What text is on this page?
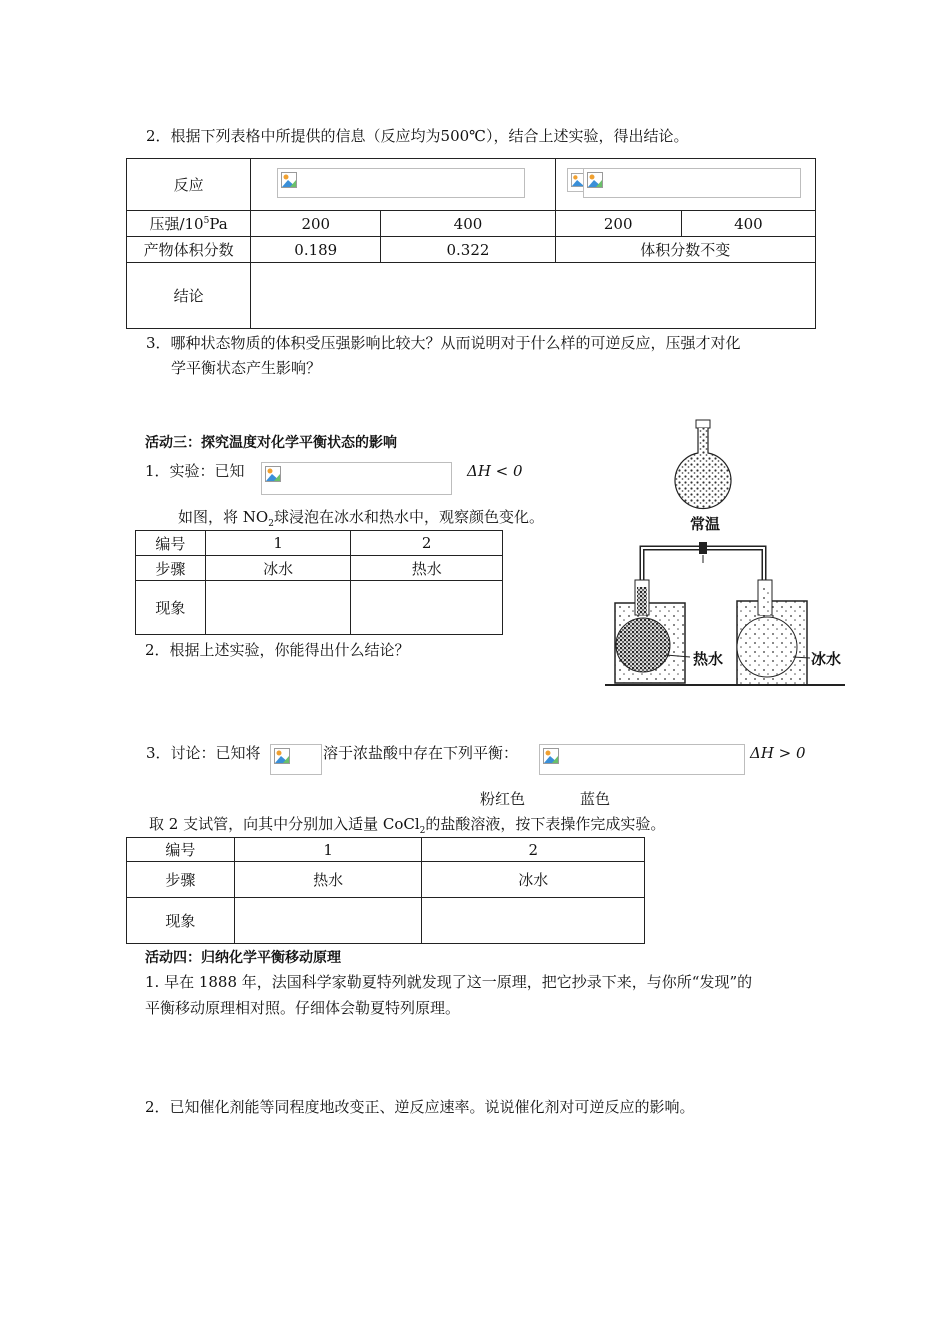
2．根据下列表格中所提供的信息（反应均为500℃），结合上述实验，得出结论。
反应				
压强$/10^5Pa$	200	400	200	400
产物体积分数	0.189	0.322	体积分数不变	
结论				
3．哪种状态物质的体积受压强影响比较大？从而说明对于什么样的可逆反应，压强才对化
学平衡状态产生影响？
活动三：探究温度对化学平衡状态的影响
1．实验：已知	ΔH < 0
如图，将 $NO_2$球浸泡在冰水和热水中，观察颜色变化。
编号	1	2
步骤	冰水	热水
现象		
2．根据上述实验，你能得出什么结论？
常温
热水	冰水
3．讨论：已知将	溶于浓盐酸中存在下列平衡：	ΔH > 0
粉红色	蓝色
取 2 支试管，向其中分别加入适量 CoCl$_2$的盐酸溶液，按下表操作完成实验。
编号	1	2
步骤	热水	冰水
现象		
活动四：归纳化学平衡移动原理
1. 早在 1888 年，法国科学家勒夏特列就发现了这一原理，把它抄录下来，与你所“发现”的
平衡移动原理相对照。仔细体会勒夏特列原理。
2．已知催化剂能等同程度地改变正、逆反应速率。说说催化剂对可逆反应的影响。
